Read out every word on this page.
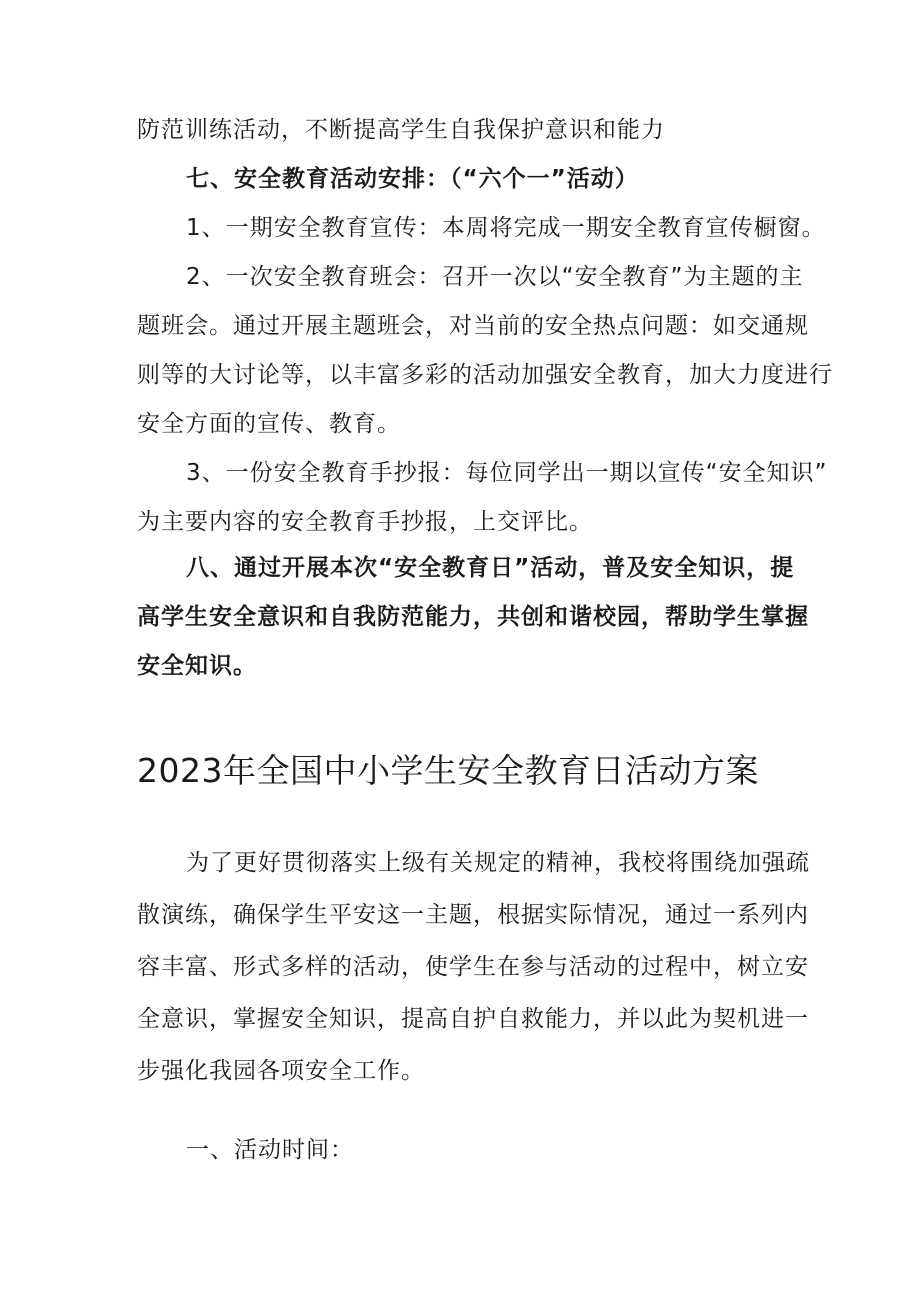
防范训练活动，不断提高学生自我保护意识和能力
七、安全教育活动安排：（“六个一”活动）
1、一期安全教育宣传：本周将完成一期安全教育宣传橱窗。
2、一次安全教育班会：召开一次以“安全教育”为主题的主
题班会。通过开展主题班会，对当前的安全热点问题：如交通规
则等的大讨论等，以丰富多彩的活动加强安全教育，加大力度进行
安全方面的宣传、教育。
3、一份安全教育手抄报：每位同学出一期以宣传“安全知识”
为主要内容的安全教育手抄报，上交评比。
八、通过开展本次“安全教育日”活动，普及安全知识，提
高学生安全意识和自我防范能力，共创和谐校园，帮助学生掌握
安全知识。
2023年全国中小学生安全教育日活动方案
为了更好贯彻落实上级有关规定的精神，我校将围绕加强疏
散演练，确保学生平安这一主题，根据实际情况，通过一系列内
容丰富、形式多样的活动，使学生在参与活动的过程中，树立安
全意识，掌握安全知识，提高自护自救能力，并以此为契机进一
步强化我园各项安全工作。
一、活动时间：
